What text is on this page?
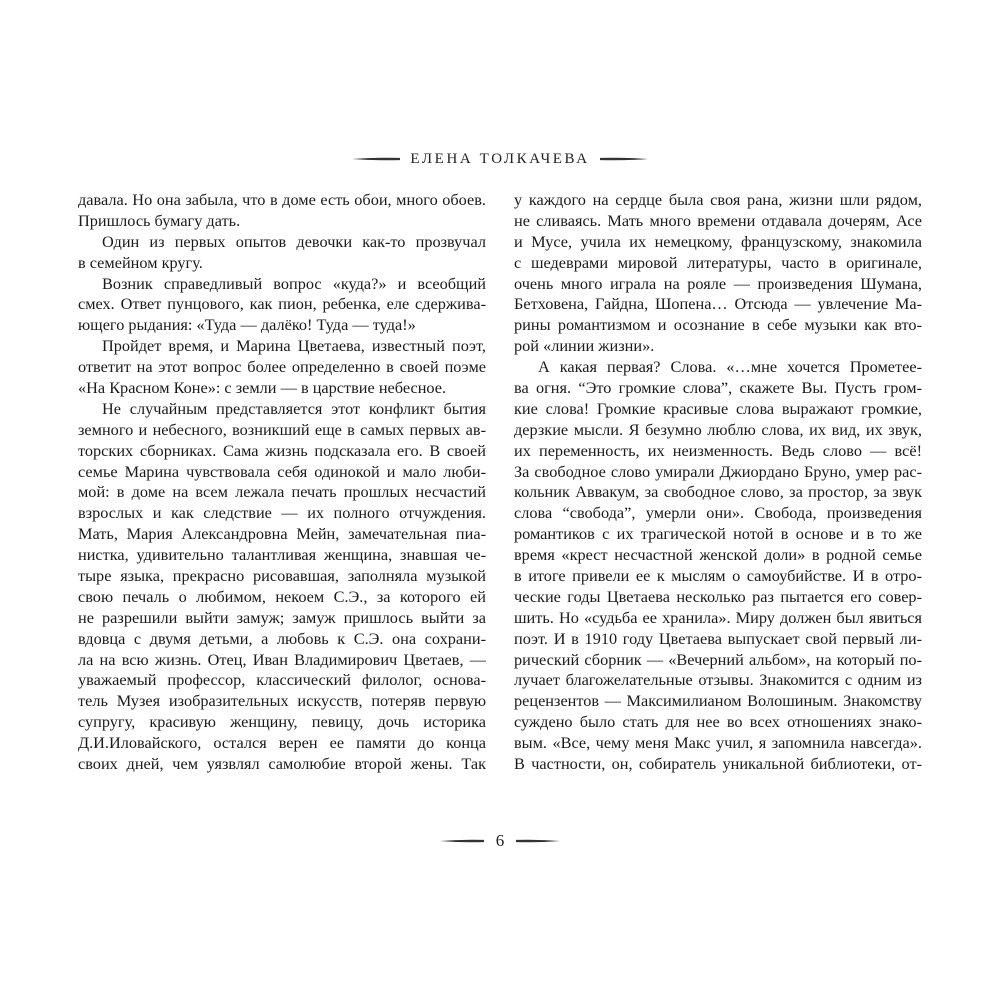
ЕЛЕНА ТОЛКАЧЕВА
давала. Но она забыла, что в доме есть обои, много обоев.
Пришлось бумагу дать.
Один из первых опытов девочки как-то прозвучал
в семейном кругу.
Возник справедливый вопрос «куда?» и всеобщий
смех. Ответ пунцового, как пион, ребенка, еле сдержива-
ющего рыдания: «Туда — далёко! Туда — туда!»
Пройдет время, и Марина Цветаева, известный поэт,
ответит на этот вопрос более определенно в своей поэме
«На Красном Коне»: с земли — в царствие небесное.
Не случайным представляется этот конфликт бытия
земного и небесного, возникший еще в самых первых ав-
торских сборниках. Сама жизнь подсказала его. В своей
семье Марина чувствовала себя одинокой и мало люби-
мой: в доме на всем лежала печать прошлых несчастий
взрослых и как следствие — их полного отчуждения.
Мать, Мария Александровна Мейн, замечательная пиа-
нистка, удивительно талантливая женщина, знавшая че-
тыре языка, прекрасно рисовавшая, заполняла музыкой
свою печаль о любимом, некоем С.Э., за которого ей
не разрешили выйти замуж; замуж пришлось выйти за
вдовца с двумя детьми, а любовь к С.Э. она сохрани-
ла на всю жизнь. Отец, Иван Владимирович Цветаев, —
уважаемый профессор, классический филолог, основа-
тель Музея изобразительных искусств, потеряв первую
супругу, красивую женщину, певицу, дочь историка
Д.И.Иловайского, остался верен ее памяти до конца
своих дней, чем уязвлял самолюбие второй жены. Так
у каждого на сердце была своя рана, жизни шли рядом,
не сливаясь. Мать много времени отдавала дочерям, Асе
и Мусе, учила их немецкому, французскому, знакомила
с шедеврами мировой литературы, часто в оригинале,
очень много играла на рояле — произведения Шумана,
Бетховена, Гайдна, Шопена… Отсюда — увлечение Ма-
рины романтизмом и осознание в себе музыки как вто-
рой «линии жизни».
А какая первая? Слова. «…мне хочется Прометее-
ва огня. “Это громкие слова”, скажете Вы. Пусть гром-
кие слова! Громкие красивые слова выражают громкие,
дерзкие мысли. Я безумно люблю слова, их вид, их звук,
их переменность, их неизменность. Ведь слово — всё!
За свободное слово умирали Джиордано Бруно, умер рас-
кольник Аввакум, за свободное слово, за простор, за звук
слова “свобода”, умерли они». Свобода, произведения
романтиков с их трагической нотой в основе и в то же
время «крест несчастной женской доли» в родной семье
в итоге привели ее к мыслям о самоубийстве. И в отро-
ческие годы Цветаева несколько раз пытается его совер-
шить. Но «судьба ее хранила». Миру должен был явиться
поэт. И в 1910 году Цветаева выпускает свой первый ли-
рический сборник — «Вечерний альбом», на который по-
лучает благожелательные отзывы. Знакомится с одним из
рецензентов — Максимилианом Волошиным. Знакомству
суждено было стать для нее во всех отношениях знако-
вым. «Все, чему меня Макс учил, я запомнила навсегда».
В частности, он, собиратель уникальной библиотеки, от-
6
